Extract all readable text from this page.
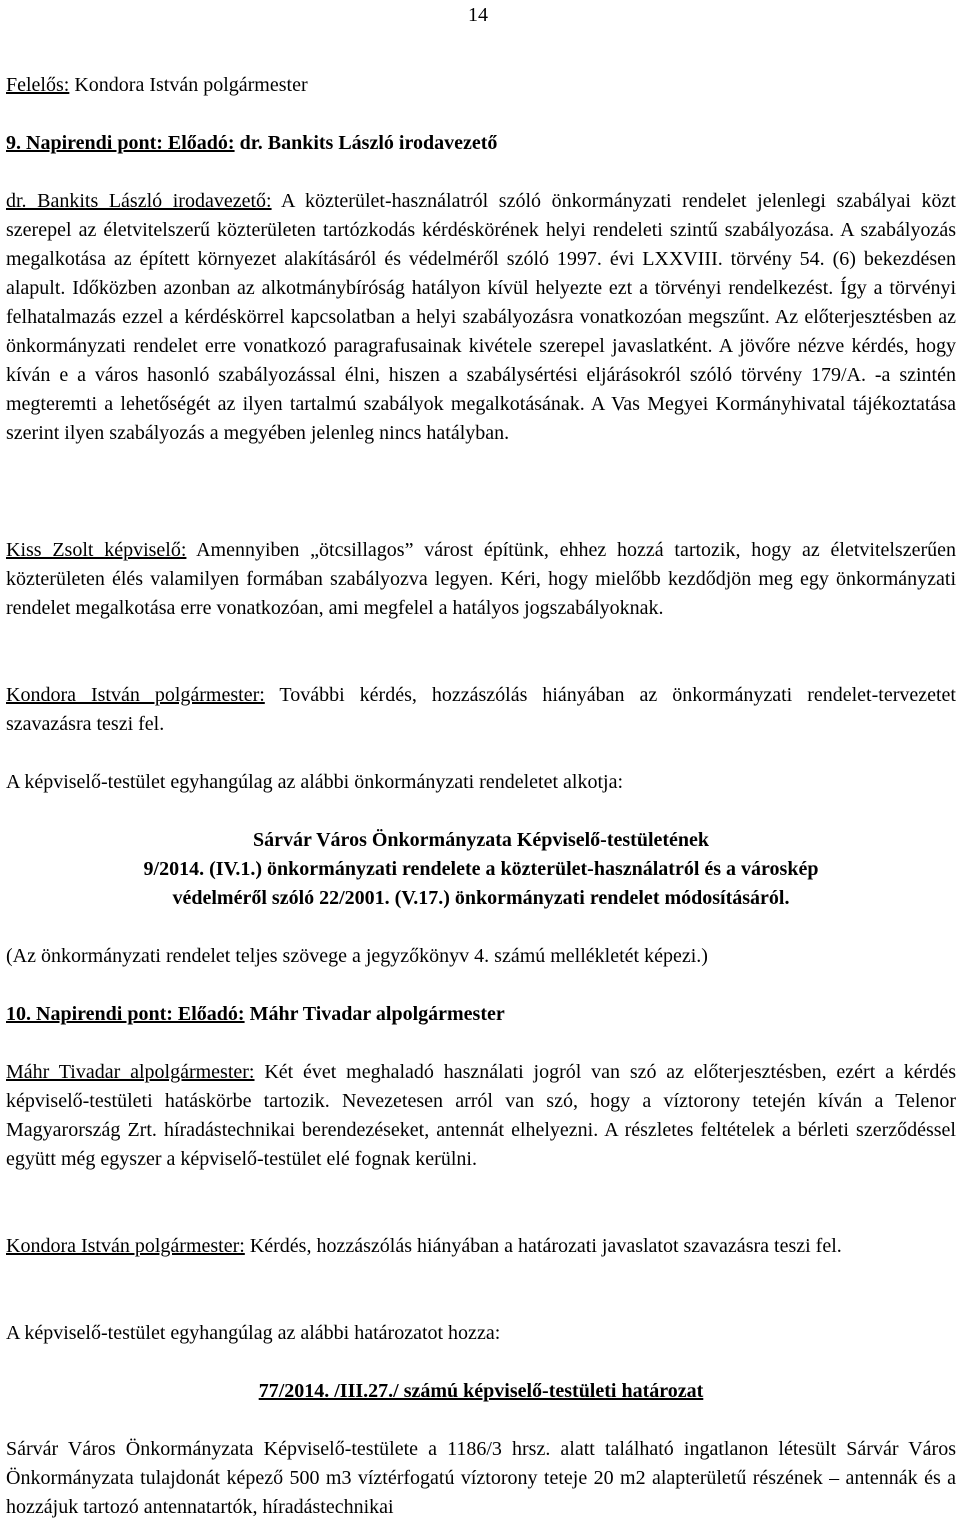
14

Felelős: Kondora István polgármester

9. Napirendi pont: Előadó: dr. Bankits László irodavezető

dr. Bankits László irodavezető: A közterület-használatról szóló önkormányzati rendelet jelenlegi szabályai közt szerepel az életvitelszerű közterületen tartózkodás kérdéskörének helyi rendeleti szintű szabályozása. A szabályozás megalkotása az épített környezet alakításáról és védelméről szóló 1997. évi LXXVIII. törvény 54. (6) bekezdésen alapult. Időközben azonban az alkotmánybíróság hatályon kívül helyezte ezt a törvényi rendelkezést. Így a törvényi felhatalmazás ezzel a kérdéskörrel kapcsolatban a helyi szabályozásra vonatkozóan megszűnt. Az előterjesztésben az önkormányzati rendelet erre vonatkozó paragrafusainak kivétele szerepel javaslatként. A jövőre nézve kérdés, hogy kíván e a város hasonló szabályozással élni, hiszen a szabálysértési eljárásokról szóló törvény 179/A. -a szintén megteremti a lehetőségét az ilyen tartalmú szabályok megalkotásának. A Vas Megyei Kormányhivatal tájékoztatása szerint ilyen szabályozás a megyében jelenleg nincs hatályban.

Kiss Zsolt képviselő: Amennyiben „ötcsillagos” várost építünk, ehhez hozzá tartozik, hogy az életvitelszerűen közterületen élés valamilyen formában szabályozva legyen. Kéri, hogy mielőbb kezdődjön meg egy önkormányzati rendelet megalkotása erre vonatkozóan, ami megfelel a hatályos jogszabályoknak.

Kondora István polgármester: További kérdés, hozzászólás hiányában az önkormányzati rendelet-tervezetet szavazásra teszi fel.

A képviselő-testület egyhangúlag az alábbi önkormányzati rendeletet alkotja:

Sárvár Város Önkormányzata Képviselő-testületének

9/2014. (IV.1.) önkormányzati rendelete a közterület-használatról és a városkép

védelméről szóló 22/2001. (V.17.) önkormányzati rendelet módosításáról.

(Az önkormányzati rendelet teljes szövege a jegyzőkönyv 4. számú mellékletét képezi.)

10. Napirendi pont: Előadó: Máhr Tivadar alpolgármester

Máhr Tivadar alpolgármester: Két évet meghaladó használati jogról van szó az előterjesztésben, ezért a kérdés képviselő-testületi hatáskörbe tartozik. Nevezetesen arról van szó, hogy a víztorony tetején kíván a Telenor Magyarország Zrt. híradástechnikai berendezéseket, antennát elhelyezni. A részletes feltételek a bérleti szerződéssel együtt még egyszer a képviselő-testület elé fognak kerülni.

Kondora István polgármester: Kérdés, hozzászólás hiányában a határozati javaslatot szavazásra teszi fel.

A képviselő-testület egyhangúlag az alábbi határozatot hozza:

77/2014. /III.27./ számú képviselő-testületi határozat

Sárvár Város Önkormányzata Képviselő-testülete a 1186/3 hrsz. alatt található ingatlanon létesült Sárvár Város Önkormányzata tulajdonát képező 500 m3 víztérfogatú víztorony teteje 20 m2 alapterületű részének – antennák és a hozzájuk tartozó antennatartók, híradástechnikai
